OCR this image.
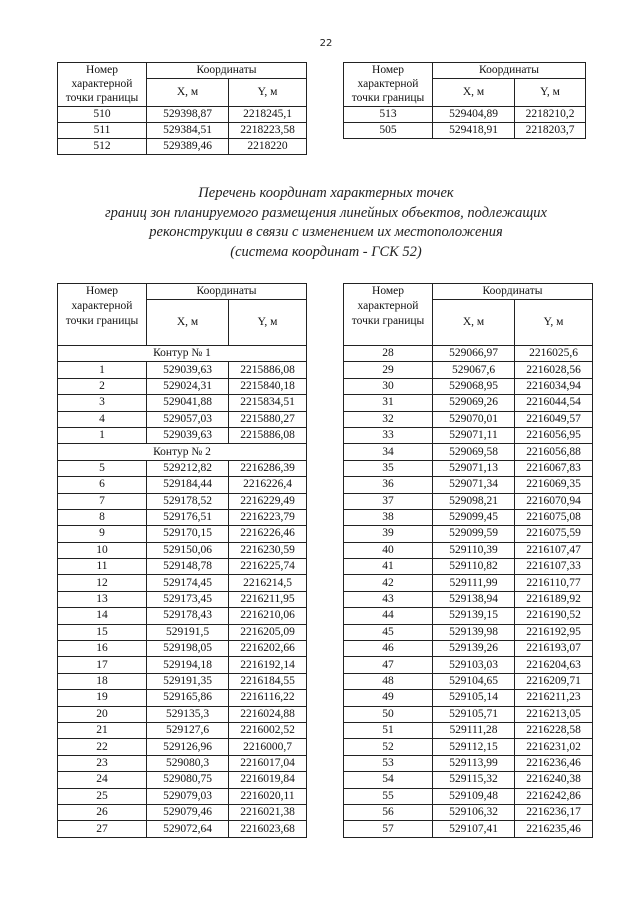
22
Номер характерной точки границы	Координаты	
	X, м	Y, м
510	529398,87	2218245,1
511	529384,51	2218223,58
512	529389,46	2218220
Номер характерной точки границы	Координаты	
	X, м	Y, м
513	529404,89	2218210,2
505	529418,91	2218203,7
Перечень координат характерных точек
границ зон планируемого размещения линейных объектов, подлежащих
реконструкции в связи с изменением их местоположения
(система координат - ГСК 52)
Номер характерной точки границы	Координаты	
	X, м	Y, м
Контур № 1		
1	529039,63	2215886,08
2	529024,31	2215840,18
3	529041,88	2215834,51
4	529057,03	2215880,27
1	529039,63	2215886,08
Контур № 2		
5	529212,82	2216286,39
6	529184,44	2216226,4
7	529178,52	2216229,49
8	529176,51	2216223,79
9	529170,15	2216226,46
10	529150,06	2216230,59
11	529148,78	2216225,74
12	529174,45	2216214,5
13	529173,45	2216211,95
14	529178,43	2216210,06
15	529191,5	2216205,09
16	529198,05	2216202,66
17	529194,18	2216192,14
18	529191,35	2216184,55
19	529165,86	2216116,22
20	529135,3	2216024,88
21	529127,6	2216002,52
22	529126,96	2216000,7
23	529080,3	2216017,04
24	529080,75	2216019,84
25	529079,03	2216020,11
26	529079,46	2216021,38
27	529072,64	2216023,68
Номер характерной точки границы	Координаты	
	X, м	Y, м
28	529066,97	2216025,6
29	529067,6	2216028,56
30	529068,95	2216034,94
31	529069,26	2216044,54
32	529070,01	2216049,57
33	529071,11	2216056,95
34	529069,58	2216056,88
35	529071,13	2216067,83
36	529071,34	2216069,35
37	529098,21	2216070,94
38	529099,45	2216075,08
39	529099,59	2216075,59
40	529110,39	2216107,47
41	529110,82	2216107,33
42	529111,99	2216110,77
43	529138,94	2216189,92
44	529139,15	2216190,52
45	529139,98	2216192,95
46	529139,26	2216193,07
47	529103,03	2216204,63
48	529104,65	2216209,71
49	529105,14	2216211,23
50	529105,71	2216213,05
51	529111,28	2216228,58
52	529112,15	2216231,02
53	529113,99	2216236,46
54	529115,32	2216240,38
55	529109,48	2216242,86
56	529106,32	2216236,17
57	529107,41	2216235,46
